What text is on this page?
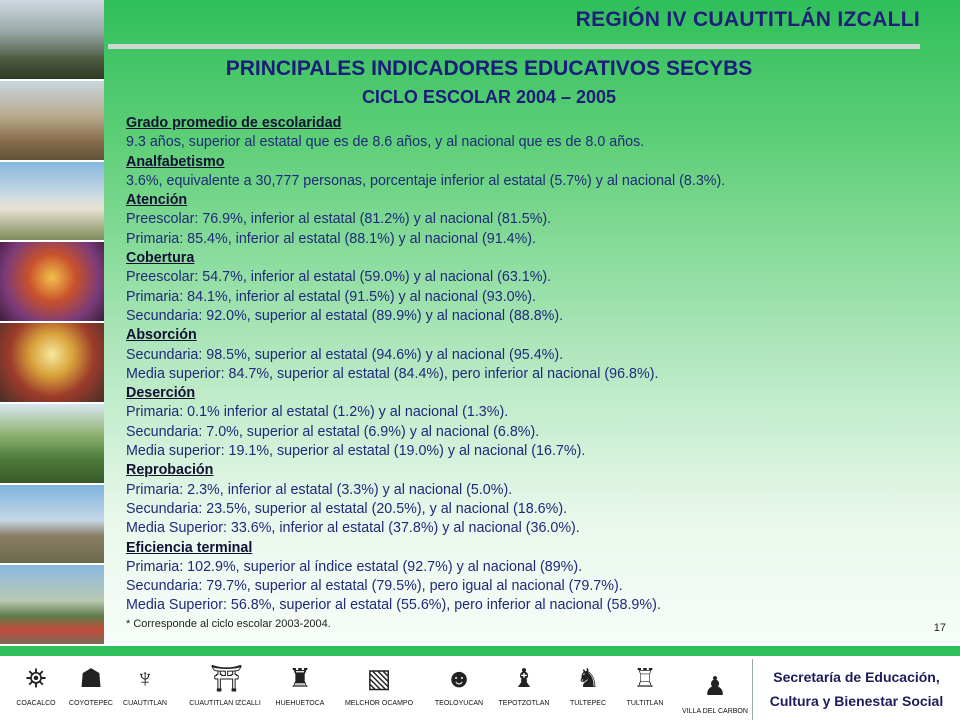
REGIÓN IV CUAUTITLÁN IZCALLI
PRINCIPALES INDICADORES EDUCATIVOS SECYBS
CICLO ESCOLAR 2004 – 2005
Grado promedio de escolaridad
9.3 años, superior al estatal que es de 8.6 años, y al nacional que es de 8.0 años.
Analfabetismo
3.6%, equivalente a 30,777 personas, porcentaje inferior al estatal (5.7%) y al nacional (8.3%).
Atención
Preescolar: 76.9%, inferior al estatal (81.2%) y al nacional (81.5%).
Primaria: 85.4%, inferior al estatal (88.1%) y al nacional (91.4%).
Cobertura
Preescolar: 54.7%, inferior al estatal (59.0%) y al nacional (63.1%).
Primaria: 84.1%, inferior al estatal (91.5%) y al nacional (93.0%).
Secundaria: 92.0%, superior al estatal (89.9%) y al nacional (88.8%).
Absorción
Secundaria: 98.5%, superior al estatal (94.6%) y al nacional (95.4%).
Media superior: 84.7%, superior al estatal (84.4%), pero inferior al nacional (96.8%).
Deserción
Primaria: 0.1% inferior al estatal (1.2%) y al nacional (1.3%).
Secundaria: 7.0%, superior al estatal (6.9%) y al nacional (6.8%).
Media superior: 19.1%, superior al estatal (19.0%) y al nacional (16.7%).
Reprobación
Primaria: 2.3%, inferior al estatal (3.3%) y al nacional (5.0%).
Secundaria: 23.5%, superior al estatal (20.5%), y al nacional (18.6%).
Media Superior: 33.6%, inferior al estatal (37.8%) y al nacional (36.0%).
Eficiencia terminal
Primaria: 102.9%, superior al índice estatal (92.7%) y al nacional (89%).
Secundaria: 79.7%, superior al estatal (79.5%), pero igual al nacional (79.7%).
Media Superior: 56.8%, superior al estatal (55.6%), pero inferior al nacional (58.9%).
* Corresponde al ciclo escolar 2003-2004.	17
⛯
COACALCO
☗
COYOTEPEC
♆
CUAUTITLAN
⛩
CUAUTITLAN IZCALLI
♜
HUEHUETOCA
▧
MELCHOR OCAMPO
☻
TEOLOYUCAN
♝
TEPOTZOTLAN
♞
TULTEPEC
♖
TULTITLAN
♟
VILLA DEL CARBON
Secretaría de Educación,
Cultura y Bienestar Social
